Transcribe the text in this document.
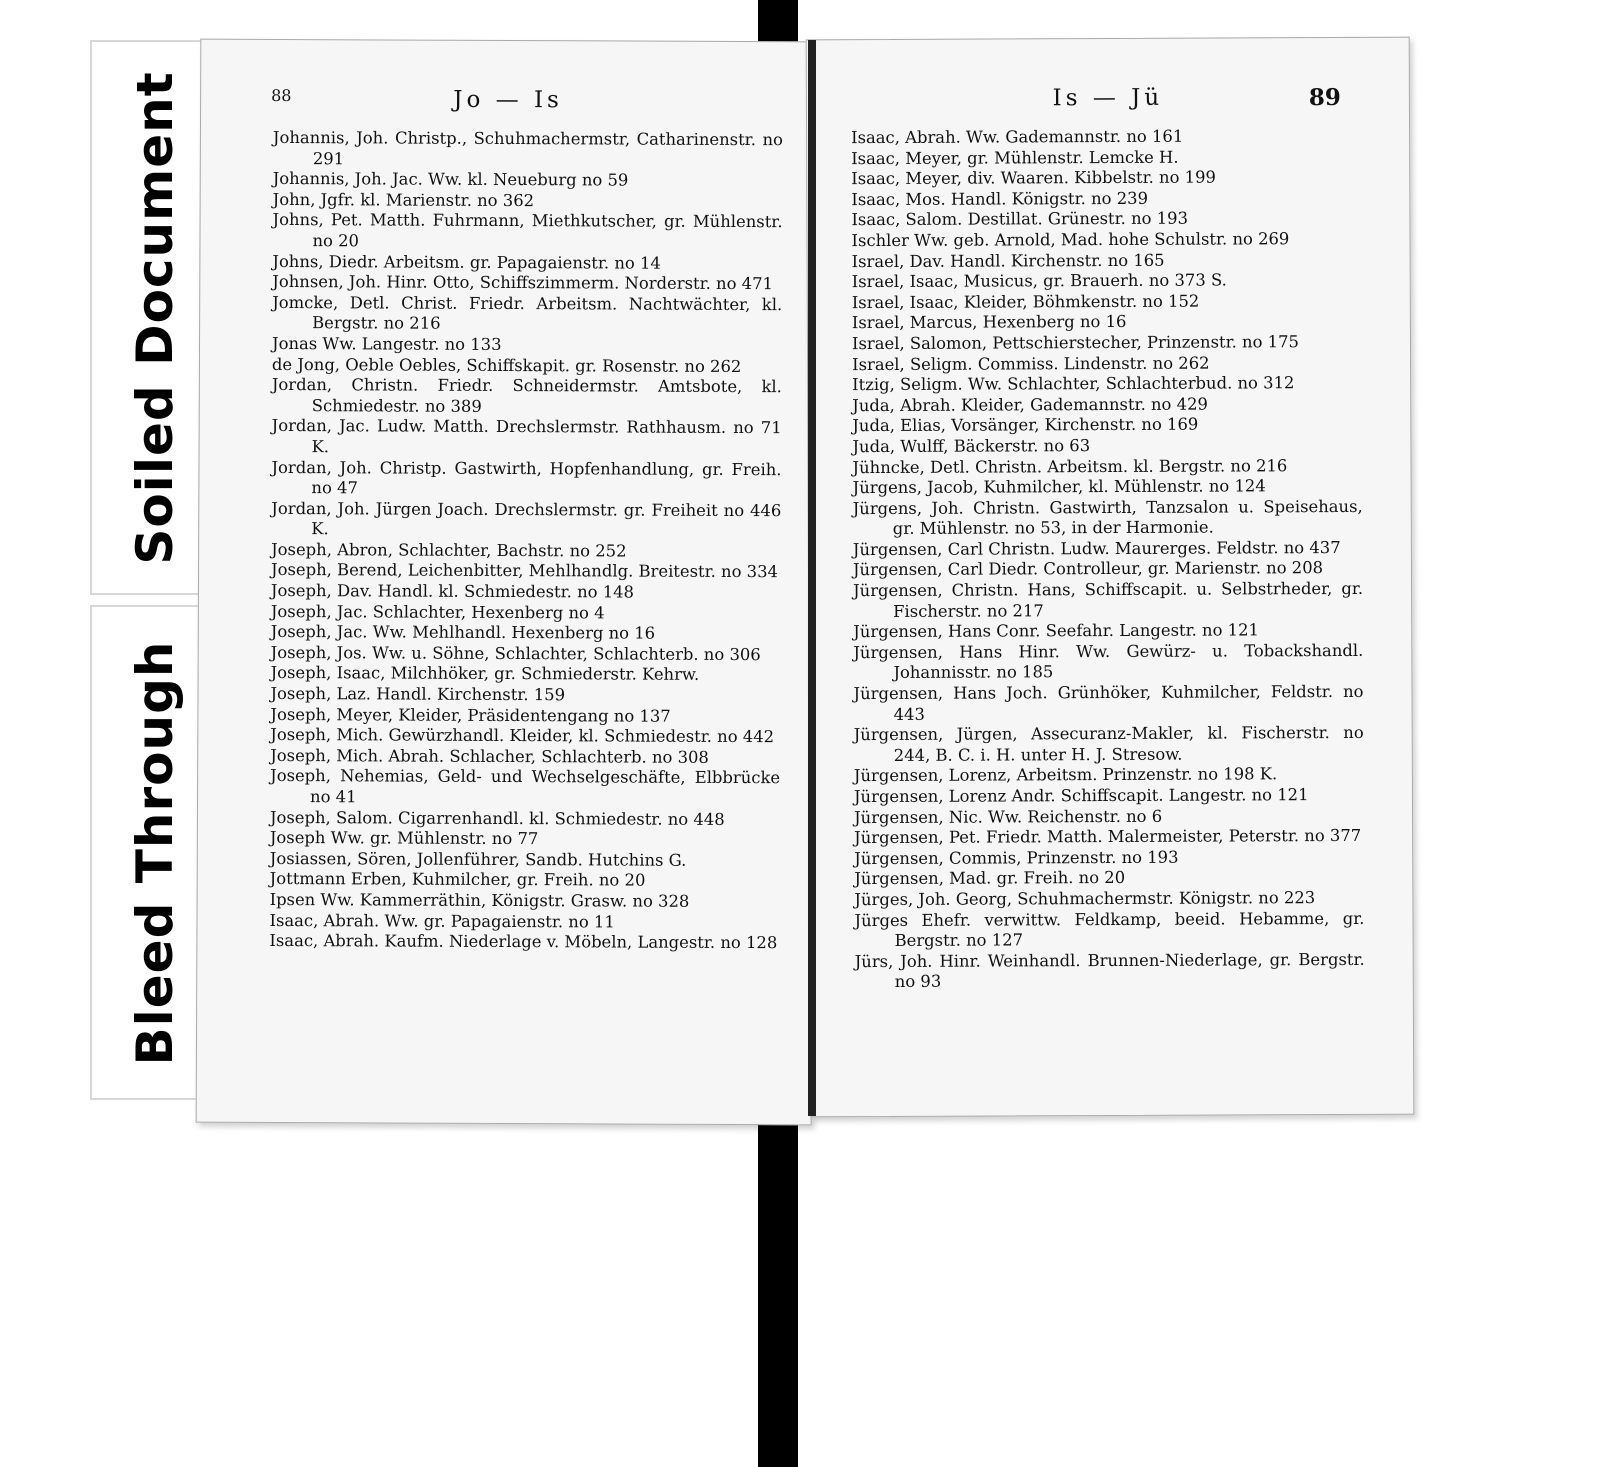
Soiled Document
Bleed Through
88	Jo — Is

Johannis, Joh. Christp., Schuhmachermstr, Catharinenstr. no 291

Johannis, Joh. Jac. Ww. kl. Neueburg no 59

John, Jgfr. kl. Marienstr. no 362

Johns, Pet. Matth. Fuhrmann, Miethkutscher, gr. Mühlenstr. no 20

Johns, Diedr. Arbeitsm. gr. Papagaienstr. no 14

Johnsen, Joh. Hinr. Otto, Schiffszimmerm. Norderstr. no 471

Jomcke, Detl. Christ. Friedr. Arbeitsm. Nachtwächter, kl. Bergstr. no 216

Jonas Ww. Langestr. no 133

de Jong, Oeble Oebles, Schiffskapit. gr. Rosenstr. no 262

Jordan, Christn. Friedr. Schneidermstr. Amtsbote, kl. Schmiedestr. no 389

Jordan, Jac. Ludw. Matth. Drechslermstr. Rathhausm. no 71 K.

Jordan, Joh. Christp. Gastwirth, Hopfenhandlung, gr. Freih. no 47

Jordan, Joh. Jürgen Joach. Drechslermstr. gr. Freiheit no 446 K.

Joseph, Abron, Schlachter, Bachstr. no 252

Joseph, Berend, Leichenbitter, Mehlhandlg. Breitestr. no 334

Joseph, Dav. Handl. kl. Schmiedestr. no 148

Joseph, Jac. Schlachter, Hexenberg no 4

Joseph, Jac. Ww. Mehlhandl. Hexenberg no 16

Joseph, Jos. Ww. u. Söhne, Schlachter, Schlachterb. no 306

Joseph, Isaac, Milchhöker, gr. Schmiederstr. Kehrw.

Joseph, Laz. Handl. Kirchenstr. 159

Joseph, Meyer, Kleider, Präsidentengang no 137

Joseph, Mich. Gewürzhandl. Kleider, kl. Schmiedestr. no 442

Joseph, Mich. Abrah. Schlacher, Schlachterb. no 308

Joseph, Nehemias, Geld- und Wechselgeschäfte, Elbbrücke no 41

Joseph, Salom. Cigarrenhandl. kl. Schmiedestr. no 448

Joseph Ww. gr. Mühlenstr. no 77

Josiassen, Sören, Jollenführer, Sandb. Hutchins G.

Jottmann Erben, Kuhmilcher, gr. Freih. no 20

Ipsen Ww. Kammerräthin, Königstr. Grasw. no 328

Isaac, Abrah. Ww. gr. Papagaienstr. no 11

Isaac, Abrah. Kaufm. Niederlage v. Möbeln, Langestr. no 128

Is — Jü	89

Isaac, Abrah. Ww. Gademannstr. no 161

Isaac, Meyer, gr. Mühlenstr. Lemcke H.

Isaac, Meyer, div. Waaren. Kibbelstr. no 199

Isaac, Mos. Handl. Königstr. no 239

Isaac, Salom. Destillat. Grünestr. no 193

Ischler Ww. geb. Arnold, Mad. hohe Schulstr. no 269

Israel, Dav. Handl. Kirchenstr. no 165

Israel, Isaac, Musicus, gr. Brauerh. no 373 S.

Israel, Isaac, Kleider, Böhmkenstr. no 152

Israel, Marcus, Hexenberg no 16

Israel, Salomon, Pettschierstecher, Prinzenstr. no 175

Israel, Seligm. Commiss. Lindenstr. no 262

Itzig, Seligm. Ww. Schlachter, Schlachterbud. no 312

Juda, Abrah. Kleider, Gademannstr. no 429

Juda, Elias, Vorsänger, Kirchenstr. no 169

Juda, Wulff, Bäckerstr. no 63

Jühncke, Detl. Christn. Arbeitsm. kl. Bergstr. no 216

Jürgens, Jacob, Kuhmilcher, kl. Mühlenstr. no 124

Jürgens, Joh. Christn. Gastwirth, Tanzsalon u. Speisehaus, gr. Mühlenstr. no 53, in der Harmonie.

Jürgensen, Carl Christn. Ludw. Maurerges. Feldstr. no 437

Jürgensen, Carl Diedr. Controlleur, gr. Marienstr. no 208

Jürgensen, Christn. Hans, Schiffscapit. u. Selbstrheder, gr. Fischerstr. no 217

Jürgensen, Hans Conr. Seefahr. Langestr. no 121

Jürgensen, Hans Hinr. Ww. Gewürz- u. Tobackshandl. Johannisstr. no 185

Jürgensen, Hans Joch. Grünhöker, Kuhmilcher, Feldstr. no 443

Jürgensen, Jürgen, Assecuranz-Makler, kl. Fischerstr. no 244, B. C. i. H. unter H. J. Stresow.

Jürgensen, Lorenz, Arbeitsm. Prinzenstr. no 198 K.

Jürgensen, Lorenz Andr. Schiffscapit. Langestr. no 121

Jürgensen, Nic. Ww. Reichenstr. no 6

Jürgensen, Pet. Friedr. Matth. Malermeister, Peterstr. no 377

Jürgensen, Commis, Prinzenstr. no 193

Jürgensen, Mad. gr. Freih. no 20

Jürges, Joh. Georg, Schuhmachermstr. Königstr. no 223

Jürges Ehefr. verwittw. Feldkamp, beeid. Hebamme, gr. Bergstr. no 127

Jürs, Joh. Hinr. Weinhandl. Brunnen-Niederlage, gr. Bergstr. no 93
